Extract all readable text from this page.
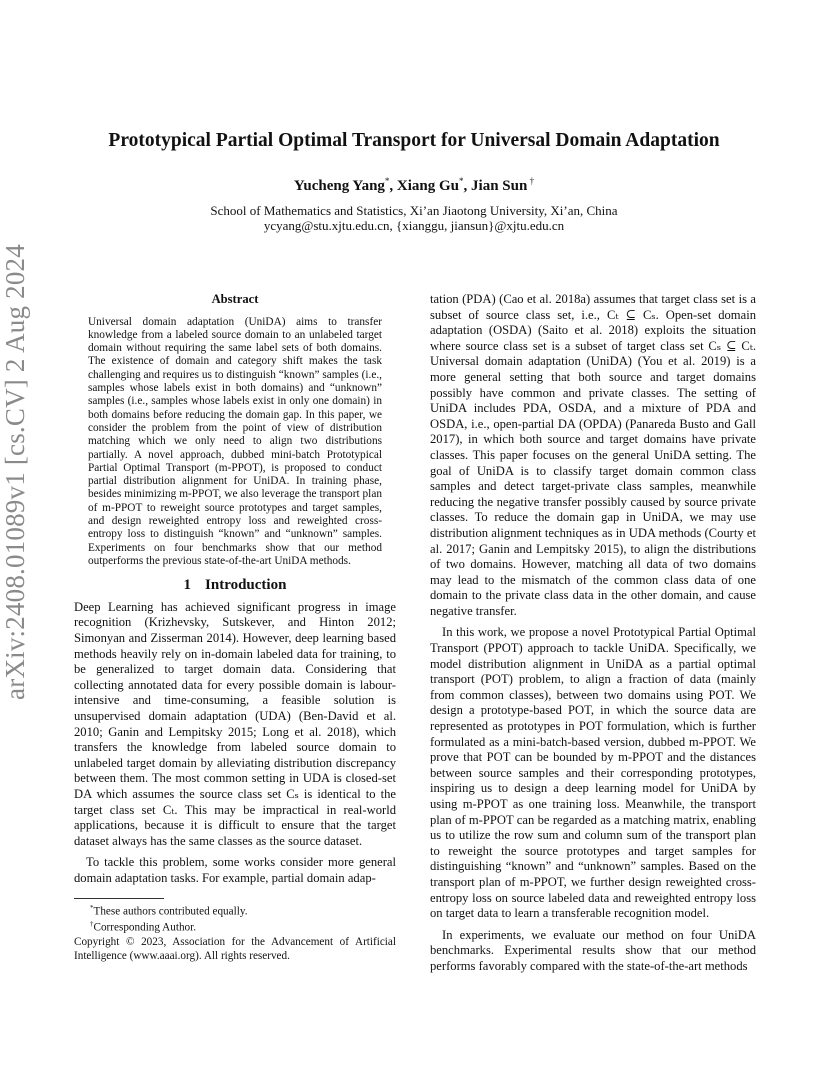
arXiv:2408.01089v1 [cs.CV] 2 Aug 2024
Prototypical Partial Optimal Transport for Universal Domain Adaptation
Yucheng Yang*, Xiang Gu*, Jian Sun †
School of Mathematics and Statistics, Xi’an Jiaotong University, Xi’an, China
ycyang@stu.xjtu.edu.cn, {xianggu, jiansun}@xjtu.edu.cn
Abstract

Universal domain adaptation (UniDA) aims to transfer knowledge from a labeled source domain to an unlabeled target domain without requiring the same label sets of both domains. The existence of domain and category shift makes the task challenging and requires us to distinguish “known” samples (i.e., samples whose labels exist in both domains) and “unknown” samples (i.e., samples whose labels exist in only one domain) in both domains before reducing the domain gap. In this paper, we consider the problem from the point of view of distribution matching which we only need to align two distributions partially. A novel approach, dubbed mini-batch Prototypical Partial Optimal Transport (m-PPOT), is proposed to conduct partial distribution alignment for UniDA. In training phase, besides minimizing m-PPOT, we also leverage the transport plan of m-PPOT to reweight source prototypes and target samples, and design reweighted entropy loss and reweighted cross-entropy loss to distinguish “known” and “unknown” samples. Experiments on four benchmarks show that our method outperforms the previous state-of-the-art UniDA methods.

1 Introduction

Deep Learning has achieved significant progress in image recognition (Krizhevsky, Sutskever, and Hinton 2012; Simonyan and Zisserman 2014). However, deep learning based methods heavily rely on in-domain labeled data for training, to be generalized to target domain data. Considering that collecting annotated data for every possible domain is labour-intensive and time-consuming, a feasible solution is unsupervised domain adaptation (UDA) (Ben-David et al. 2010; Ganin and Lempitsky 2015; Long et al. 2018), which transfers the knowledge from labeled source domain to unlabeled target domain by alleviating distribution discrepancy between them. The most common setting in UDA is closed-set DA which assumes the source class set Cₛ is identical to the target class set Cₜ. This may be impractical in real-world applications, because it is difficult to ensure that the target dataset always has the same classes as the source dataset.

To tackle this problem, some works consider more general domain adaptation tasks. For example, partial domain adap-

*These authors contributed equally.
†Corresponding Author.
Copyright © 2023, Association for the Advancement of Artificial Intelligence (www.aaai.org). All rights reserved.

tation (PDA) (Cao et al. 2018a) assumes that target class set is a subset of source class set, i.e., Cₜ ⊆ Cₛ. Open-set domain adaptation (OSDA) (Saito et al. 2018) exploits the situation where source class set is a subset of target class set Cₛ ⊆ Cₜ. Universal domain adaptation (UniDA) (You et al. 2019) is a more general setting that both source and target domains possibly have common and private classes. The setting of UniDA includes PDA, OSDA, and a mixture of PDA and OSDA, i.e., open-partial DA (OPDA) (Panareda Busto and Gall 2017), in which both source and target domains have private classes. This paper focuses on the general UniDA setting. The goal of UniDA is to classify target domain common class samples and detect target-private class samples, meanwhile reducing the negative transfer possibly caused by source private classes. To reduce the domain gap in UniDA, we may use distribution alignment techniques as in UDA methods (Courty et al. 2017; Ganin and Lempitsky 2015), to align the distributions of two domains. However, matching all data of two domains may lead to the mismatch of the common class data of one domain to the private class data in the other domain, and cause negative transfer.

In this work, we propose a novel Prototypical Partial Optimal Transport (PPOT) approach to tackle UniDA. Specifically, we model distribution alignment in UniDA as a partial optimal transport (POT) problem, to align a fraction of data (mainly from common classes), between two domains using POT. We design a prototype-based POT, in which the source data are represented as prototypes in POT formulation, which is further formulated as a mini-batch-based version, dubbed m-PPOT. We prove that POT can be bounded by m-PPOT and the distances between source samples and their corresponding prototypes, inspiring us to design a deep learning model for UniDA by using m-PPOT as one training loss. Meanwhile, the transport plan of m-PPOT can be regarded as a matching matrix, enabling us to utilize the row sum and column sum of the transport plan to reweight the source prototypes and target samples for distinguishing “known” and “unknown” samples. Based on the transport plan of m-PPOT, we further design reweighted cross-entropy loss on source labeled data and reweighted entropy loss on target data to learn a transferable recognition model.

In experiments, we evaluate our method on four UniDA benchmarks. Experimental results show that our method performs favorably compared with the state-of-the-art methods
